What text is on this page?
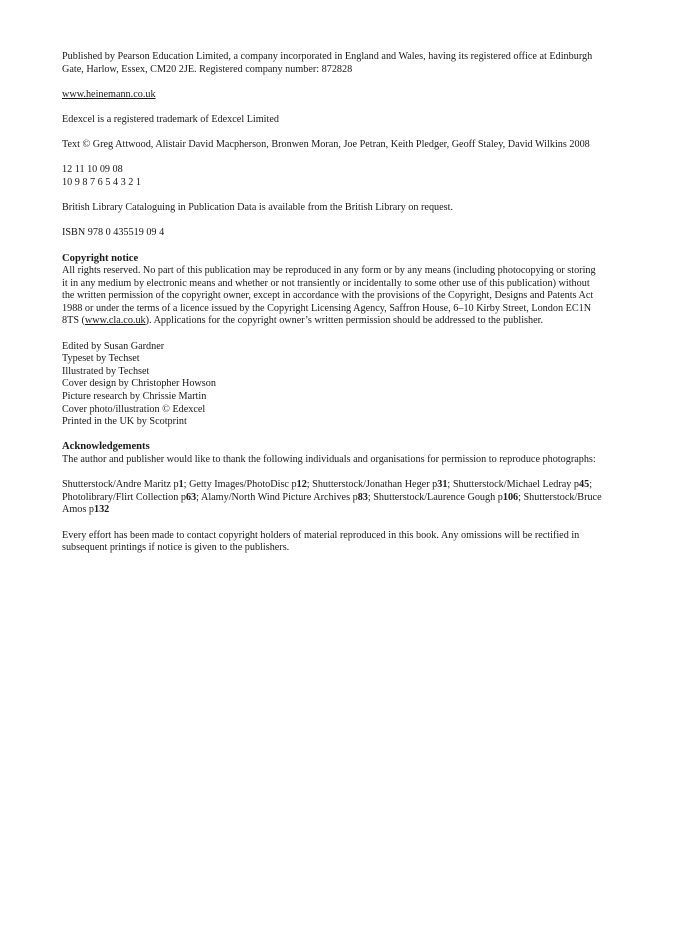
Published by Pearson Education Limited, a company incorporated in England and Wales, having its registered office at Edinburgh Gate, Harlow, Essex, CM20 2JE. Registered company number: 872828

www.heinemann.co.uk

Edexcel is a registered trademark of Edexcel Limited

Text © Greg Attwood, Alistair David Macpherson, Bronwen Moran, Joe Petran, Keith Pledger, Geoff Staley, David Wilkins 2008

12 11 10 09 08
10 9 8 7 6 5 4 3 2 1

British Library Cataloguing in Publication Data is available from the British Library on request.

ISBN 978 0 435519 09 4

Copyright notice
All rights reserved. No part of this publication may be reproduced in any form or by any means (including photocopying or storing it in any medium by electronic means and whether or not transiently or incidentally to some other use of this publication) without the written permission of the copyright owner, except in accordance with the provisions of the Copyright, Designs and Patents Act 1988 or under the terms of a licence issued by the Copyright Licensing Agency, Saffron House, 6–10 Kirby Street, London EC1N 8TS (www.cla.co.uk). Applications for the copyright owner’s written permission should be addressed to the publisher.
Edited by Susan Gardner
Typeset by Techset
Illustrated by Techset
Cover design by Christopher Howson
Picture research by Chrissie Martin
Cover photo/illustration © Edexcel
Printed in the UK by Scotprint
Acknowledgements
The author and publisher would like to thank the following individuals and organisations for permission to reproduce photographs:

Shutterstock/Andre Maritz p1; Getty Images/PhotoDisc p12; Shutterstock/Jonathan Heger p31; Shutterstock/Michael Ledray p45; Photolibrary/Flirt Collection p63; Alamy/North Wind Picture Archives p83; Shutterstock/Laurence Gough p106; Shutterstock/Bruce Amos p132

Every effort has been made to contact copyright holders of material reproduced in this book. Any omissions will be rectified in subsequent printings if notice is given to the publishers.
